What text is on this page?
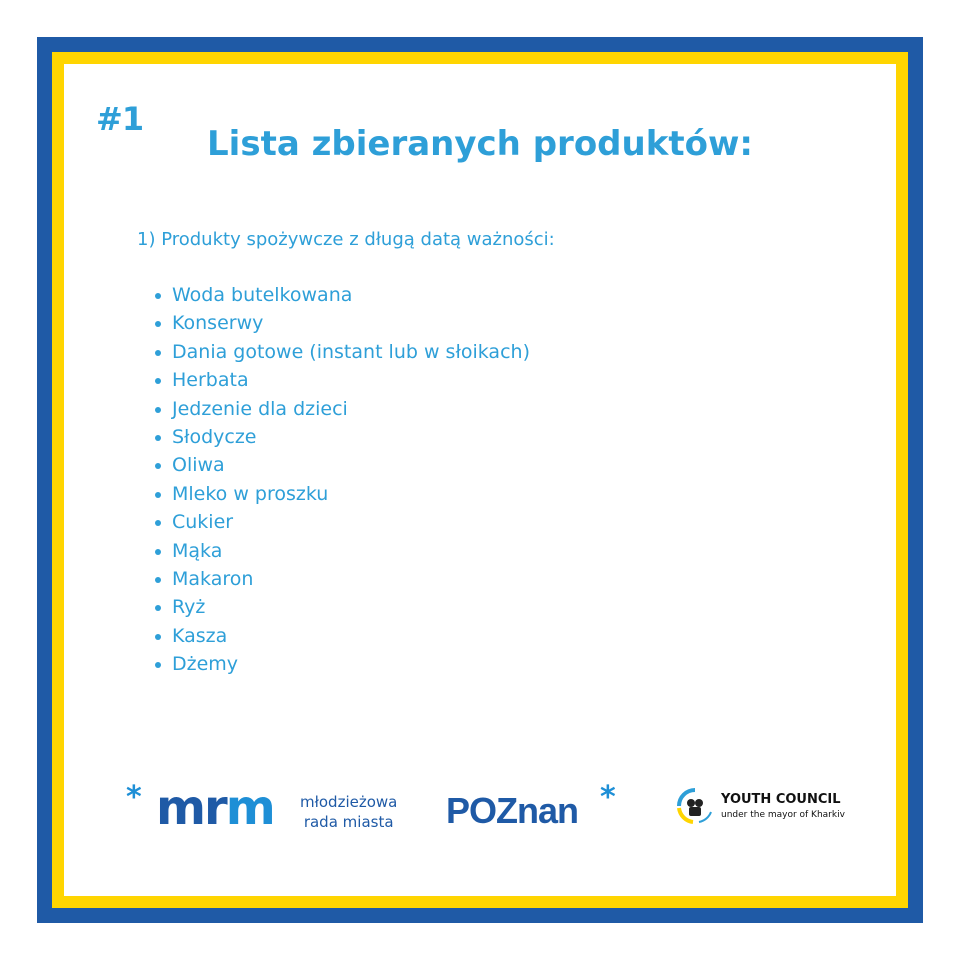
#1
Lista zbieranych produktów:
1) Produkty spożywcze z długą datą ważności:
Woda butelkowana
Konserwy
Dania gotowe (instant lub w słoikach)
Herbata
Jedzenie dla dzieci
Słodycze
Oliwa
Mleko w proszku
Cukier
Mąka
Makaron
Ryż
Kasza
Dżemy
* mrm młodzieżowa
rada miasta POZnan *	YOUTH COUNCIL
under the mayor of Kharkiv
